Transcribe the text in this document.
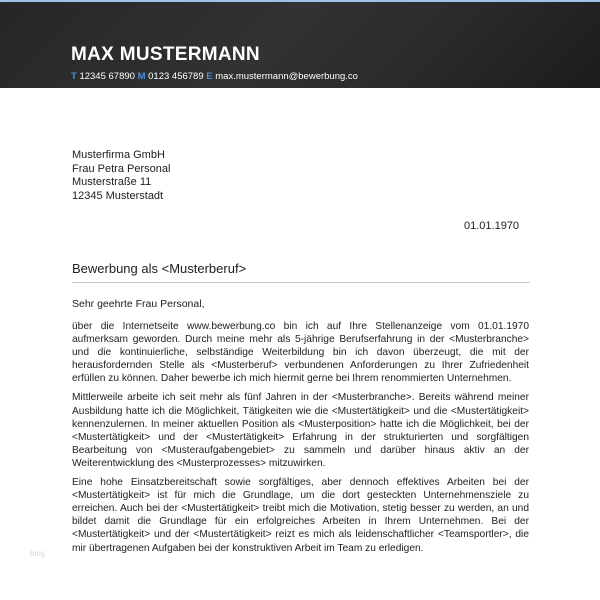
MAX MUSTERMANN
T 12345 67890 M 0123 456789 E max.mustermann@bewerbung.co
Musterfirma GmbH
Frau Petra Personal
Musterstraße 11
12345 Musterstadt
01.01.1970
Bewerbung als <Musterberuf>
Sehr geehrte Frau Personal,

über die Internetseite www.bewerbung.co bin ich auf Ihre Stellenanzeige vom 01.01.1970 aufmerksam geworden. Durch meine mehr als 5-jährige Berufserfahrung in der <Musterbranche> und die kontinuierliche, selbständige Weiterbildung bin ich davon überzeugt, die mit der herausfordernden Stelle als <Musterberuf> verbundenen Anforderungen zu Ihrer Zufriedenheit erfüllen zu können. Daher bewerbe ich mich hiermit gerne bei Ihrem renommierten Unternehmen.

Mittlerweile arbeite ich seit mehr als fünf Jahren in der <Musterbranche>. Bereits während meiner Ausbildung hatte ich die Möglichkeit, Tätigkeiten wie die <Mustertätigkeit> und die <Mustertätigkeit> kennenzulernen. In meiner aktuellen Position als <Musterposition> hatte ich die Möglichkeit, bei der <Mustertätigkeit> und der <Mustertätigkeit> Erfahrung in der strukturierten und sorgfältigen Bearbeitung von <Musteraufgabengebiet> zu sammeln und darüber hinaus aktiv an der Weiterentwicklung des <Musterprozesses> mitzuwirken.

Eine hohe Einsatzbereitschaft sowie sorgfältiges, aber dennoch effektives Arbeiten bei der <Mustertätigkeit> ist für mich die Grundlage, um die dort gesteckten Unternehmensziele zu erreichen. Auch bei der <Mustertätigkeit> treibt mich die Motivation, stetig besser zu werden, an und bildet damit die Grundlage für ein erfolgreiches Arbeiten in Ihrem Unternehmen. Bei der <Mustertätigkeit> und der <Mustertätigkeit> reizt es mich als leidenschaftlicher <Teamsportler>, die mir übertragenen Aufgaben bei der konstruktiven Arbeit im Team zu erledigen.

blog
